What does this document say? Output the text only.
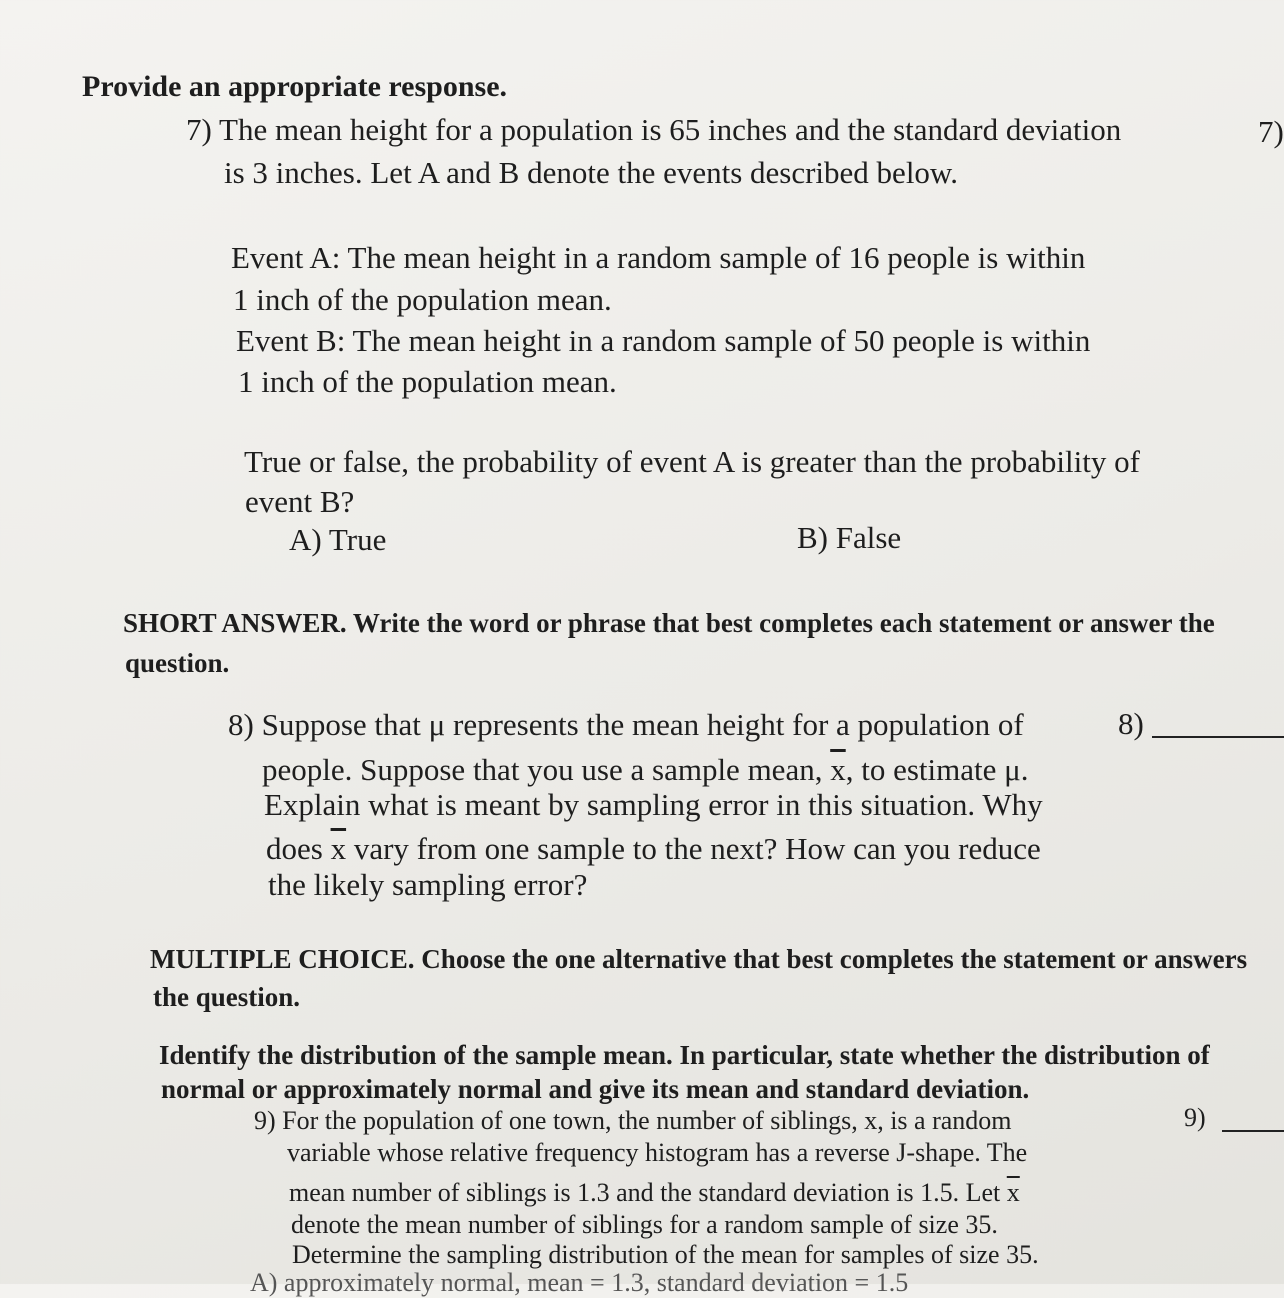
Provide an appropriate response.
7) The mean height for a population is 65 inches and the standard deviation	7)
is 3 inches. Let A and B denote the events described below.
Event A: The mean height in a random sample of 16 people is within
1 inch of the population mean.
Event B: The mean height in a random sample of 50 people is within
1 inch of the population mean.
True or false, the probability of event A is greater than the probability of
event B?
A) True	B) False
SHORT ANSWER. Write the word or phrase that best completes each statement or answer the
question.
8) Suppose that μ represents the mean height for a population of	8)
people. Suppose that you use a sample mean, $\overline{x}$, to estimate μ.
Explain what is meant by sampling error in this situation. Why
does $\overline{x}$ vary from one sample to the next? How can you reduce
the likely sampling error?
MULTIPLE CHOICE. Choose the one alternative that best completes the statement or answers
the question.
Identify the distribution of the sample mean. In particular, state whether the distribution of
normal or approximately normal and give its mean and standard deviation.
9) For the population of one town, the number of siblings, x, is a random	9)
variable whose relative frequency histogram has a reverse J-shape. The
mean number of siblings is 1.3 and the standard deviation is 1.5. Let $\overline{x}$
denote the mean number of siblings for a random sample of size 35.
Determine the sampling distribution of the mean for samples of size 35.
A) approximately normal, mean = 1.3, standard deviation = 1.5
